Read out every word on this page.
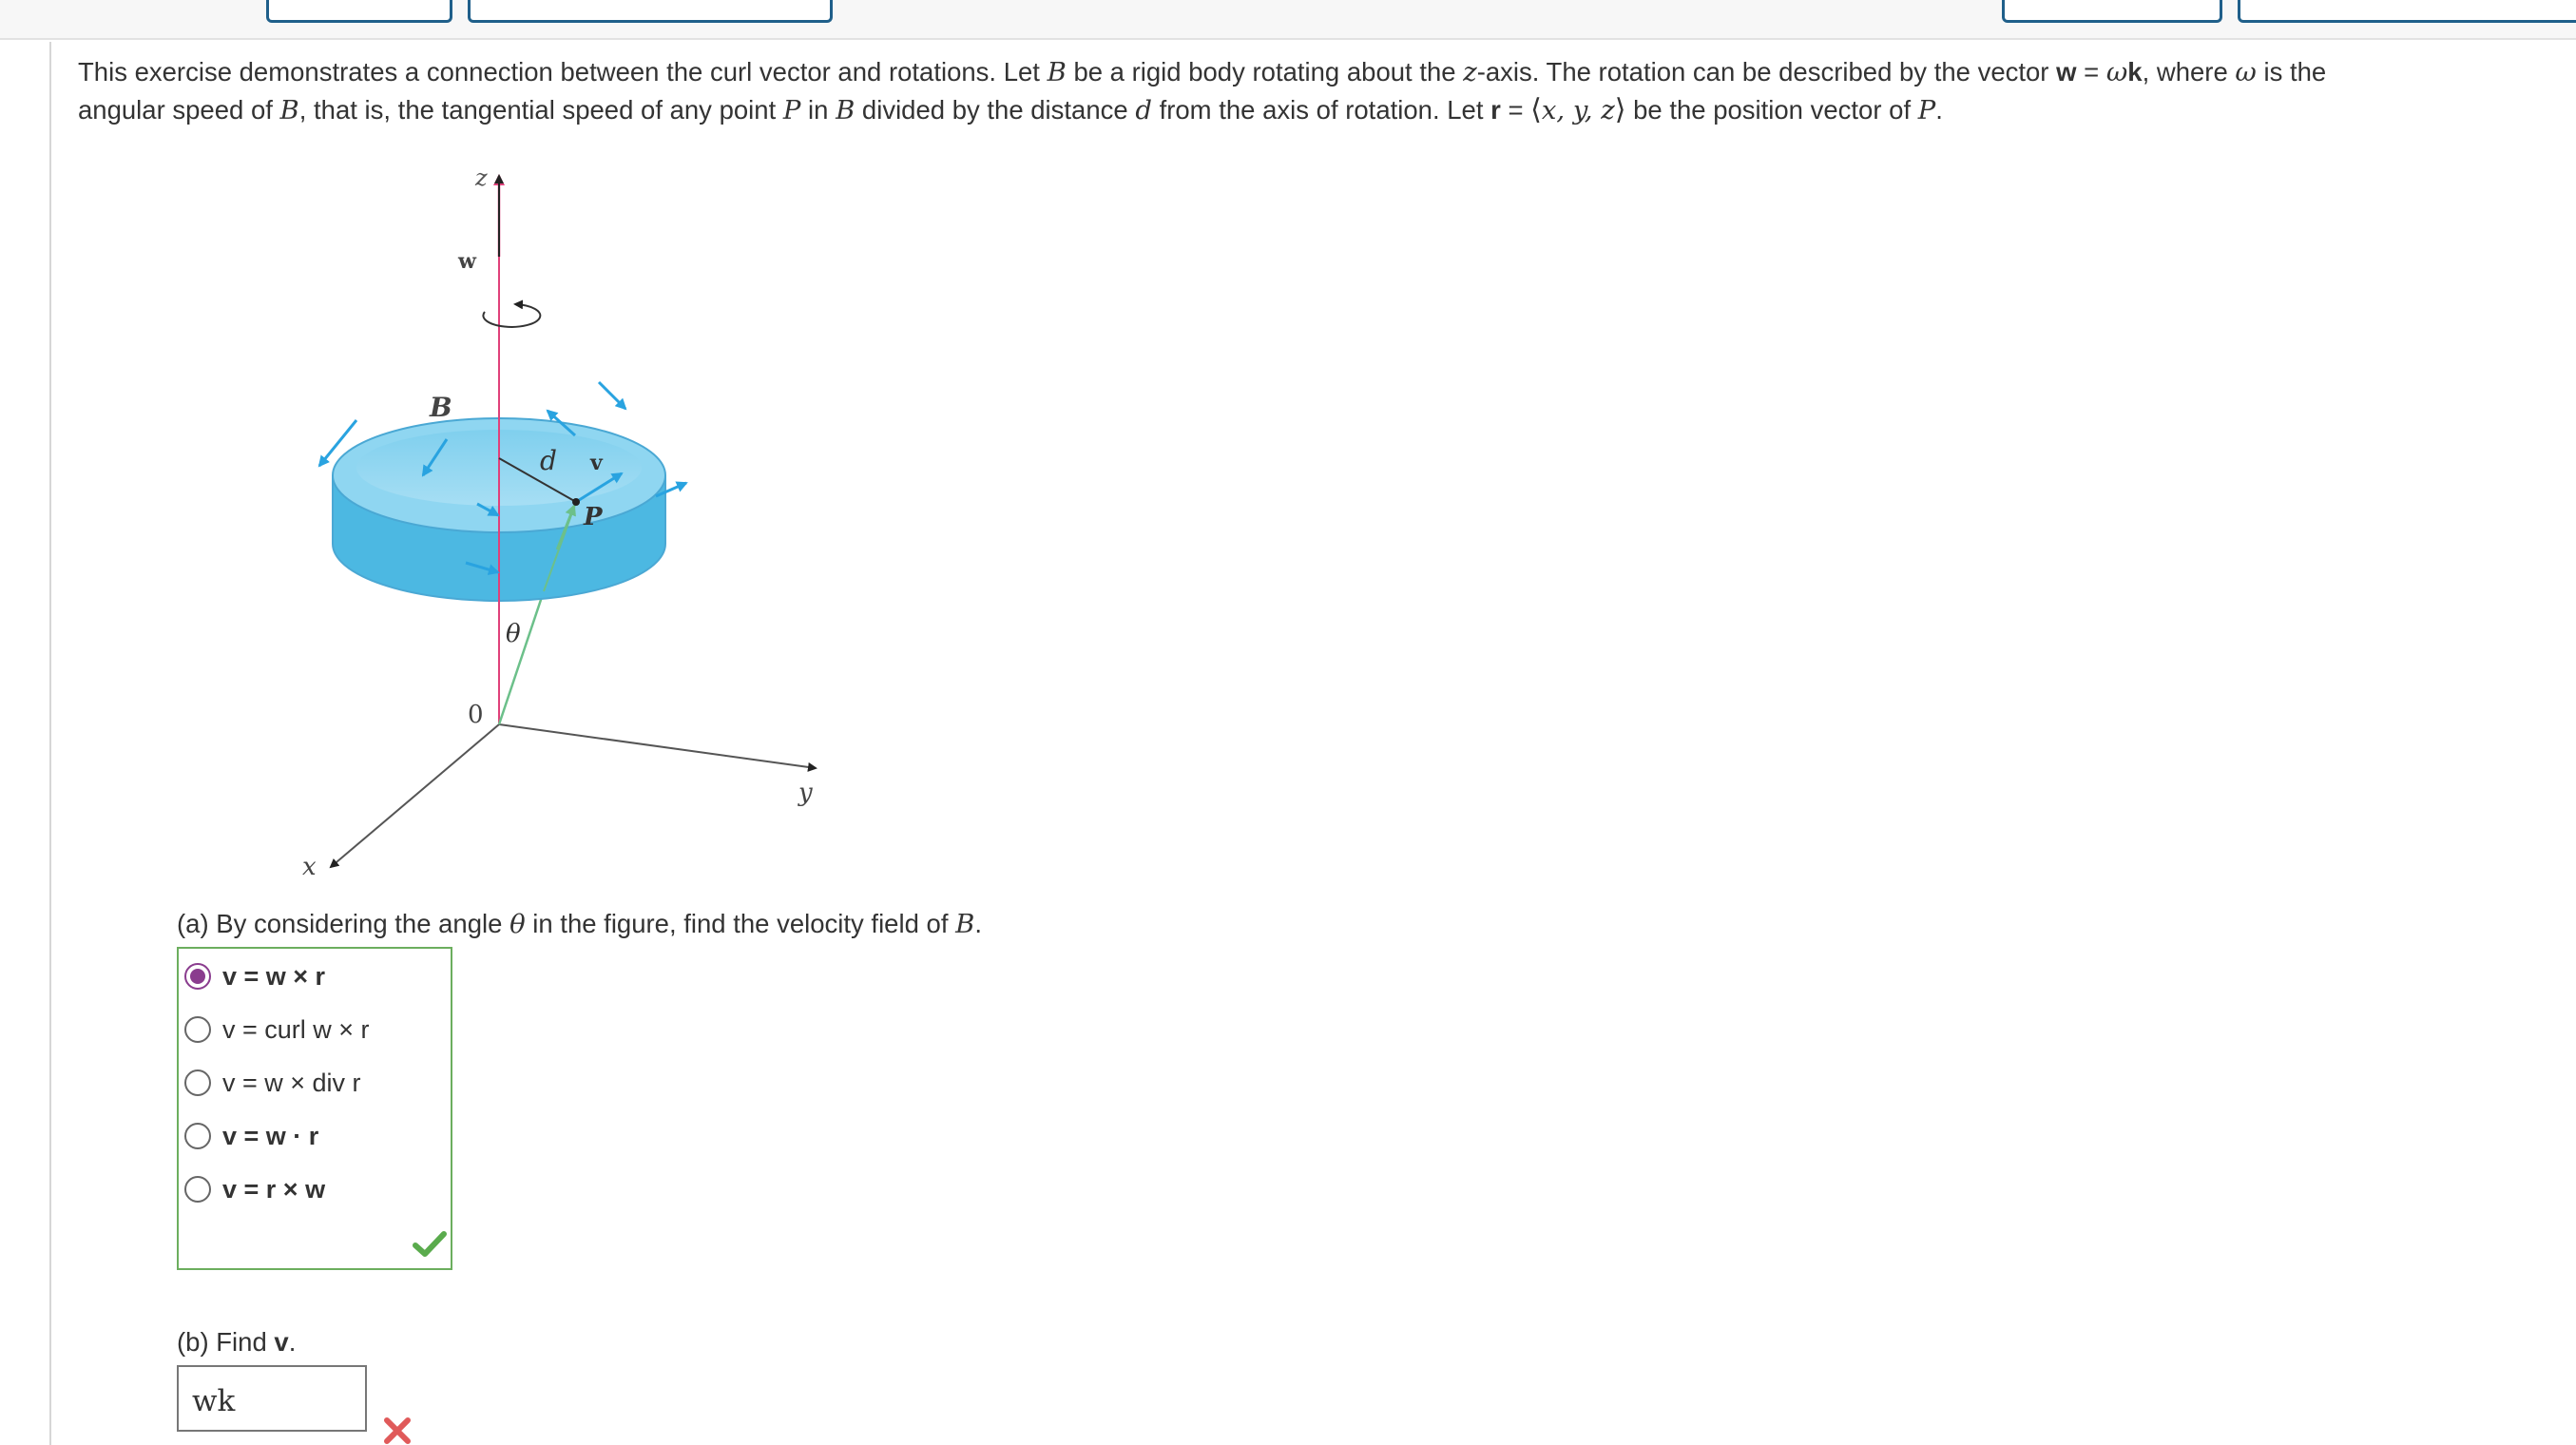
This exercise demonstrates a connection between the curl vector and rotations. Let B be a rigid body rotating about the z-axis. The rotation can be described by the vector w = ωk, where ω is the

angular speed of B, that is, the tangential speed of any point P in B divided by the distance d from the axis of rotation. Let r = ⟨x, y, z⟩ be the position vector of P.

z
w
B
d v
P
θ
0
y
x
(a) By considering the angle θ in the figure, find the velocity field of B.
v = w × r
v = curl w × r
v = w × div r
v = w · r
v = r × w
(b) Find v.
wk
